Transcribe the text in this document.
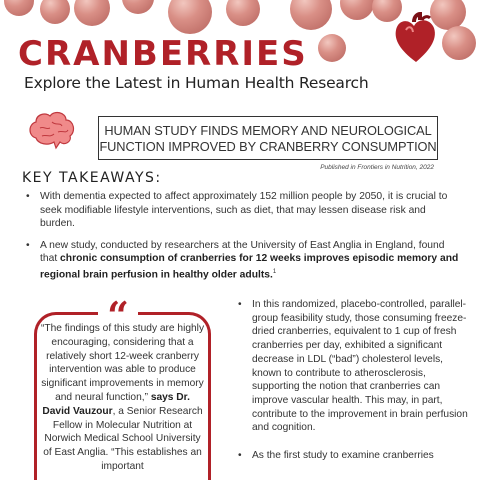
CRANBERRIES
Explore the Latest in Human Health Research
HUMAN STUDY FINDS MEMORY AND NEUROLOGICAL
FUNCTION IMPROVED BY CRANBERRY CONSUMPTION
Published in Frontiers in Nutrition, 2022
KEY TAKEAWAYS:
• With dementia expected to affect approximately 152 million people by 2050, it is crucial to seek modifiable lifestyle interventions, such as diet, that may lessen disease risk and burden.
• A new study, conducted by researchers at the University of East Anglia in England, found that chronic consumption of cranberries for 12 weeks improves episodic memory and regional brain perfusion in healthy older adults.$^1$
“
“The findings of this study are highly encouraging, considering that a relatively short 12-week cranberry intervention was able to produce significant improvements in memory and neural function,” says Dr. David Vauzour, a Senior Research Fellow in Molecular Nutrition at Norwich Medical School University of East Anglia. “This establishes an important
• In this randomized, placebo-controlled, parallel-group feasibility study, those consuming freeze-dried cranberries, equivalent to 1 cup of fresh cranberries per day, exhibited a significant decrease in LDL (“bad”) cholesterol levels, known to contribute to atherosclerosis, supporting the notion that cranberries can improve vascular health. This may, in part, contribute to the improvement in brain perfusion and cognition.
• As the first study to examine cranberries
